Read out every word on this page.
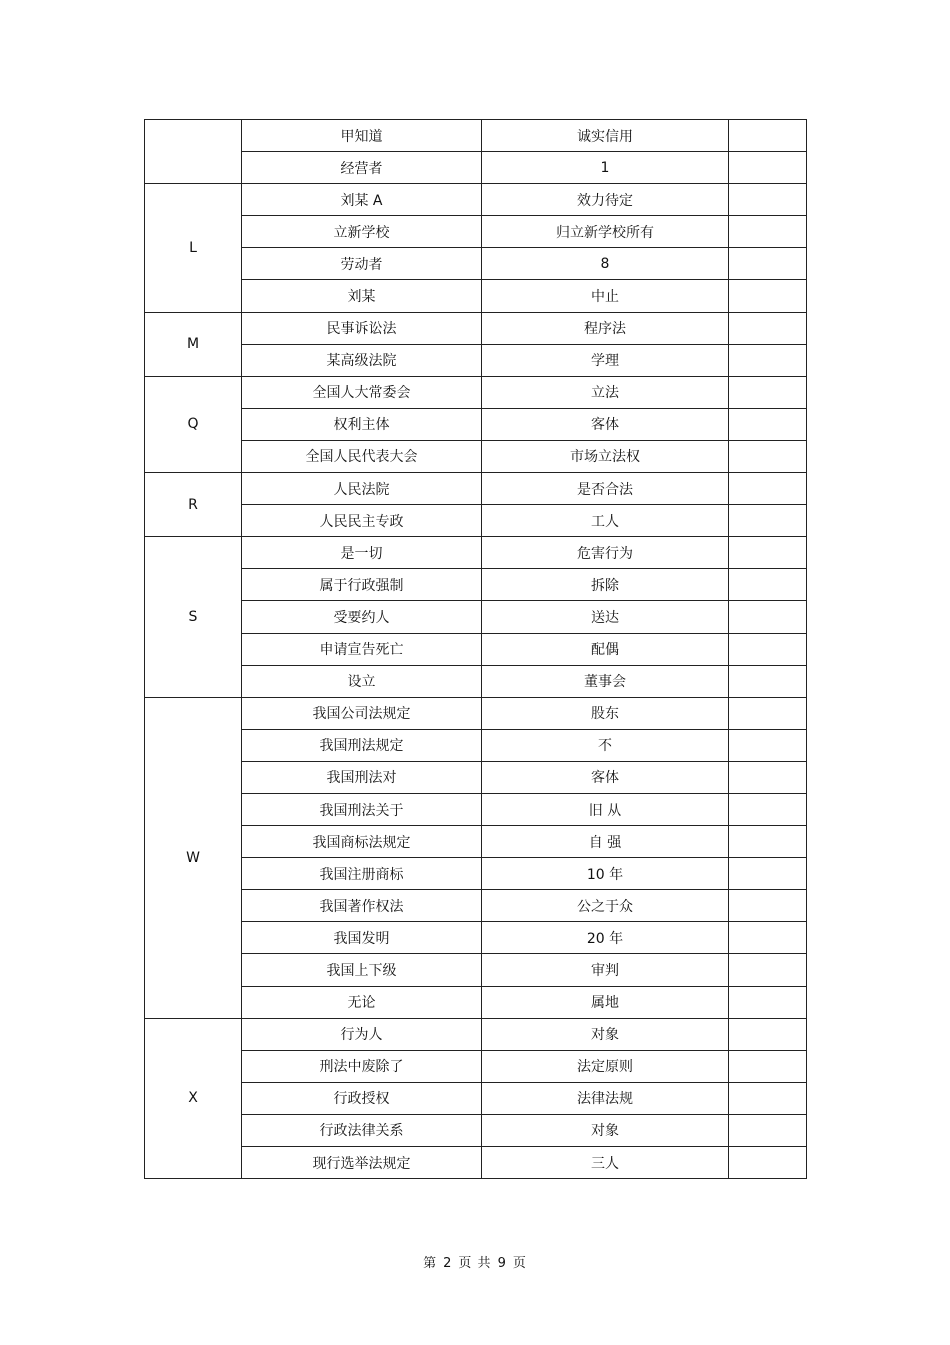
	甲知道	诚实信用	
	经营者	1	
L	刘某 A	效力待定	
	立新学校	归立新学校所有	
	劳动者	8	
	刘某	中止	
M	民事诉讼法	程序法	
	某高级法院	学理	
Q	全国人大常委会	立法	
	权利主体	客体	
	全国人民代表大会	市场立法权	
R	人民法院	是否合法	
	人民民主专政	工人	
S	是一切	危害行为	
	属于行政强制	拆除	
	受要约人	送达	
	申请宣告死亡	配偶	
	设立	董事会	
W	我国公司法规定	股东	
	我国刑法规定	不	
	我国刑法对	客体	
	我国刑法关于	旧 从	
	我国商标法规定	自 强	
	我国注册商标	10 年	
	我国著作权法	公之于众	
	我国发明	20 年	
	我国上下级	审判	
	无论	属地	
X	行为人	对象	
	刑法中废除了	法定原则	
	行政授权	法律法规	
	行政法律关系	对象	
	现行选举法规定	三人	
第 2 页 共 9 页
